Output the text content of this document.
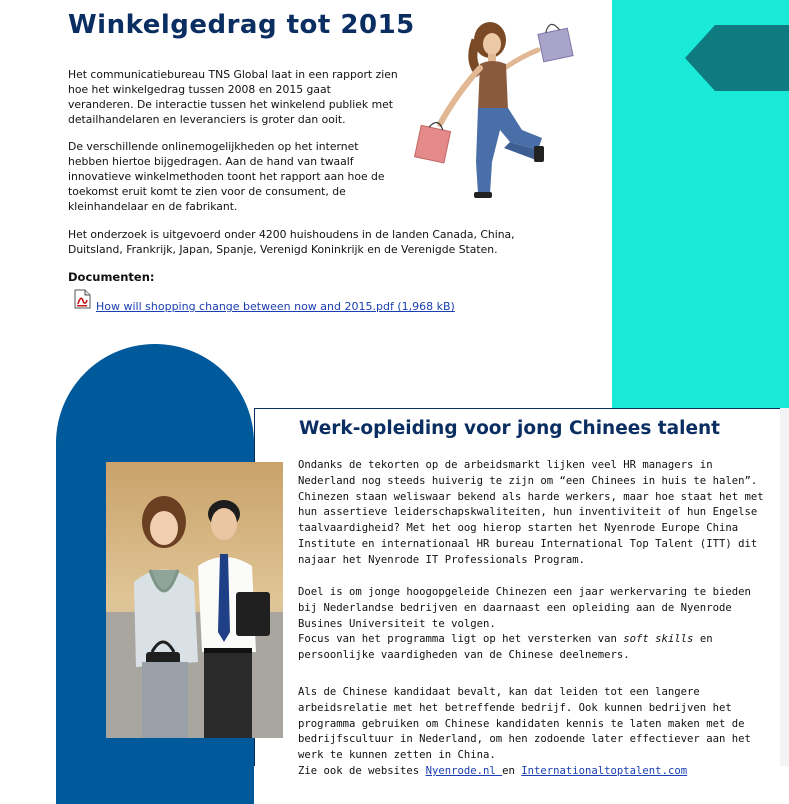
Winkelgedrag tot 2015

Het communicatiebureau TNS Global laat in een rapport zien hoe het winkelgedrag tussen 2008 en 2015 gaat veranderen. De interactie tussen het winkelend publiek met detailhandelaren en leveranciers is groter dan ooit.

De verschillende onlinemogelijkheden op het internet hebben hiertoe bijgedragen. Aan de hand van twaalf innovatieve winkelmethoden toont het rapport aan hoe de toekomst eruit komt te zien voor de consument, de kleinhandelaar en de fabrikant.

Het onderzoek is uitgevoerd onder 4200 huishoudens in de landen Canada, China, Duitsland, Frankrijk, Japan, Spanje, Verenigd Koninkrijk en de Verenigde Staten.

Documenten:
How will shopping change between now and 2015.pdf (1,968 kB)
Werk-opleiding voor jong Chinees talent
Ondanks de tekorten op de arbeidsmarkt lijken veel HR managers in Nederland nog steeds huiverig te zijn om “een Chinees in huis te halen”. Chinezen staan weliswaar bekend als harde werkers, maar hoe staat het met hun assertieve leiderschapskwaliteiten, hun inventiviteit of hun Engelse taalvaardigheid? Met het oog hierop starten het Nyenrode Europe China Institute en internationaal HR bureau International Top Talent (ITT) dit najaar het Nyenrode IT Professionals Program.
Doel is om jonge hoogopgeleide Chinezen een jaar werkervaring te bieden bij Nederlandse bedrijven en daarnaast een opleiding aan de Nyenrode Busines Universiteit te volgen.
Focus van het programma ligt op het versterken van soft skills en persoonlijke vaardigheden van de Chinese deelnemers.
Als de Chinese kandidaat bevalt, kan dat leiden tot een langere arbeidsrelatie met het betreffende bedrijf. Ook kunnen bedrijven het programma gebruiken om Chinese kandidaten kennis te laten maken met de bedrijfscultuur in Nederland, om hen zodoende later effectiever aan het werk te kunnen zetten in China.
Zie ook de websites Nyenrode.nl en Internationaltoptalent.com
